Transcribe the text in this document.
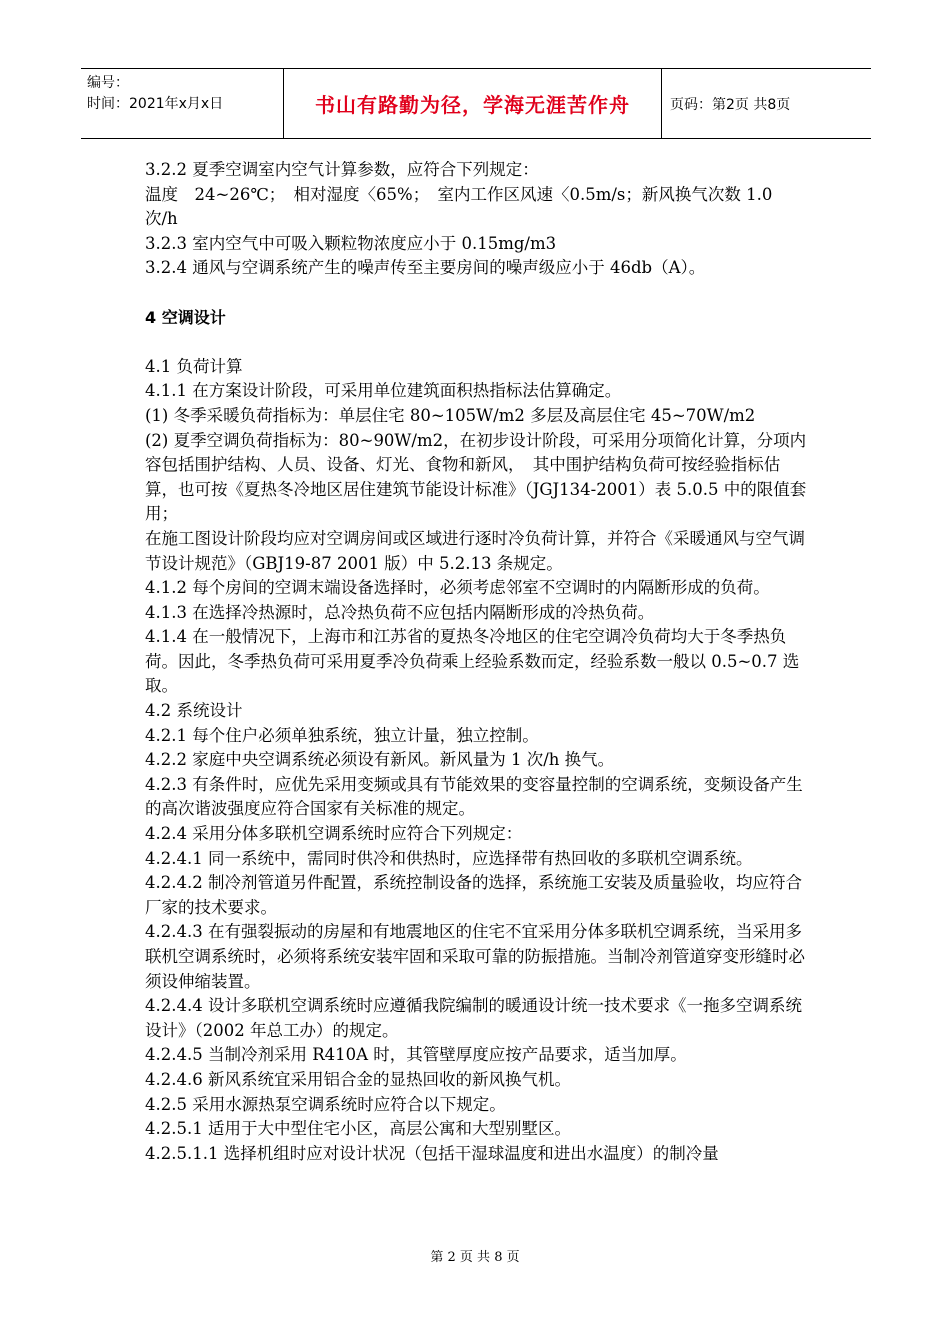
编号：
时间：2021年x月x日	书山有路勤为径，学海无涯苦作舟	页码：第2页 共8页

3.2.2 夏季空调室内空气计算参数，应符合下列规定：

温度　24~26℃；　相对湿度〈65%；　室内工作区风速〈0.5m/s；新风换气次数 1.0 次/h

3.2.3 室内空气中可吸入颗粒物浓度应小于 0.15mg/m3

3.2.4 通风与空调系统产生的噪声传至主要房间的噪声级应小于 46db（A）。

4 空调设计

4.1 负荷计算

4.1.1 在方案设计阶段，可采用单位建筑面积热指标法估算确定。

(1) 冬季采暖负荷指标为：单层住宅 80~105W/m2 多层及高层住宅 45~70W/m2

(2) 夏季空调负荷指标为：80~90W/m2，在初步设计阶段，可采用分项简化计算，分项内容包括围护结构、人员、设备、灯光、食物和新风，　其中围护结构负荷可按经验指标估算，也可按《夏热冬冷地区居住建筑节能设计标准》（JGJ134-2001）表 5.0.5 中的限值套用；

在施工图设计阶段均应对空调房间或区域进行逐时冷负荷计算，并符合《采暖通风与空气调节设计规范》（GBJ19-87 2001 版）中 5.2.13 条规定。

4.1.2 每个房间的空调末端设备选择时，必须考虑邻室不空调时的内隔断形成的负荷。

4.1.3 在选择冷热源时，总冷热负荷不应包括内隔断形成的冷热负荷。

4.1.4 在一般情况下，上海市和江苏省的夏热冬冷地区的住宅空调冷负荷均大于冬季热负荷。因此，冬季热负荷可采用夏季冷负荷乘上经验系数而定，经验系数一般以 0.5~0.7 选取。

4.2 系统设计

4.2.1 每个住户必须单独系统，独立计量，独立控制。

4.2.2 家庭中央空调系统必须设有新风。新风量为 1 次/h 换气。

4.2.3 有条件时，应优先采用变频或具有节能效果的变容量控制的空调系统，变频设备产生的高次谐波强度应符合国家有关标准的规定。

4.2.4 采用分体多联机空调系统时应符合下列规定：

4.2.4.1 同一系统中，需同时供冷和供热时，应选择带有热回收的多联机空调系统。

4.2.4.2 制冷剂管道另件配置，系统控制设备的选择，系统施工安装及质量验收，均应符合厂家的技术要求。

4.2.4.3 在有强裂振动的房屋和有地震地区的住宅不宜采用分体多联机空调系统，当采用多联机空调系统时，必须将系统安装牢固和采取可靠的防振措施。当制冷剂管道穿变形缝时必须设伸缩装置。

4.2.4.4 设计多联机空调系统时应遵循我院编制的暖通设计统一技术要求《一拖多空调系统设计》（2002 年总工办）的规定。

4.2.4.5 当制冷剂采用 R410A 时，其管壁厚度应按产品要求，适当加厚。

4.2.4.6 新风系统宜采用铝合金的显热回收的新风换气机。

4.2.5 采用水源热泵空调系统时应符合以下规定。

4.2.5.1 适用于大中型住宅小区，高层公寓和大型别墅区。

4.2.5.1.1 选择机组时应对设计状况（包括干湿球温度和进出水温度）的制冷量

第 2 页 共 8 页
